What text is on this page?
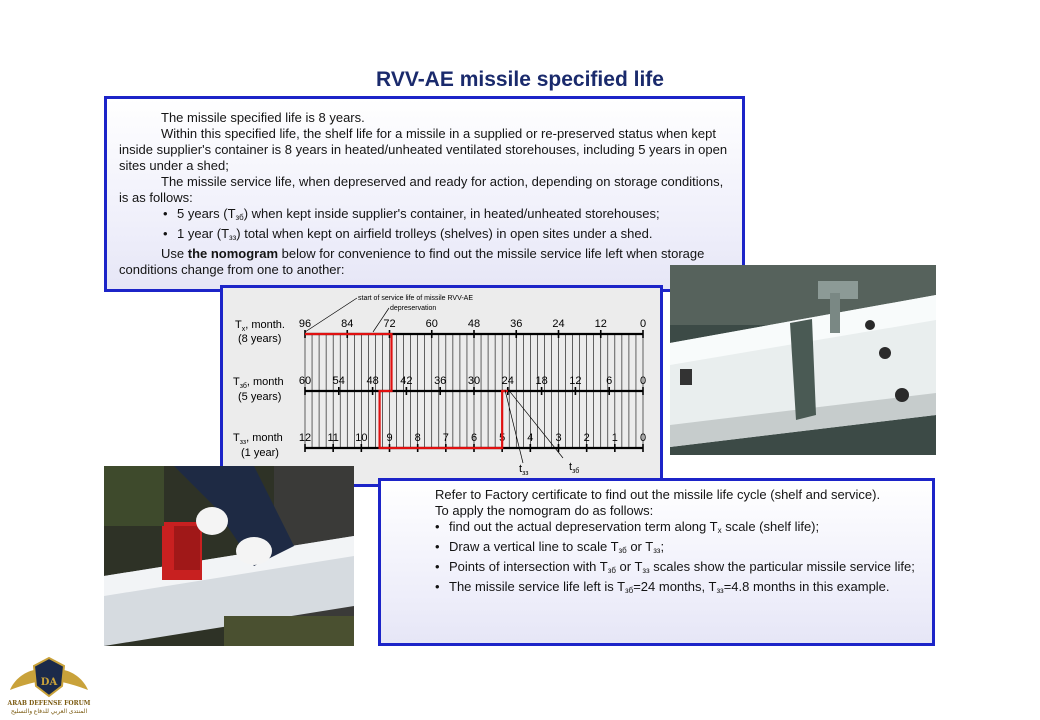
RVV-AE missile specified life

The missile specified life is 8 years.

Within this specified life, the shelf life for a missile in a supplied or re-preserved status when kept inside supplier's container is 8 years in heated/unheated ventilated storehouses, including 5 years in open sites under a shed;

The missile service life, when depreserved and ready for action, depending on storage conditions, is as follows:

• 5 years $(T_{зб})$ when kept inside supplier's container, in heated/unheated storehouses;
• 1 year $(T_{зз})$ total when kept on airfield trolleys (shelves) in open sites under a shed.

Use the nomogram below for convenience to find out the missile service life left when storage conditions change from one to another:

start of service life of missile RVV-AE
depreservation
$T_x$, month.
(8 years)
$T_{зб}$, month
(5 years)
$T_{зз}$, month
(1 year)
96	84	72	60	48	36	24	12	0
60 54 48 42 36 30 24 18 12 6	0
12 11 10 9 8 7 6 5 4 3 2 1 0
$t_{зз}$
$t_{зб}$

Refer to Factory certificate to find out the missile life cycle (shelf and service).

To apply the nomogram do as follows:

• find out the actual depreservation term along $T_x$ scale (shelf life);
• Draw a vertical line to scale $T_{зб}$ or $T_{зз}$;
• Points of intersection with $T_{зб}$ or $T_{зз}$ scales show the particular missile service life;
• The missile service life left is $T_{зб}=24$ months, $T_{зз}=4.8$ months in this example.
DA
ARAB DEFENSE FORUM
المنتدى العربي للدفاع والتسليح
